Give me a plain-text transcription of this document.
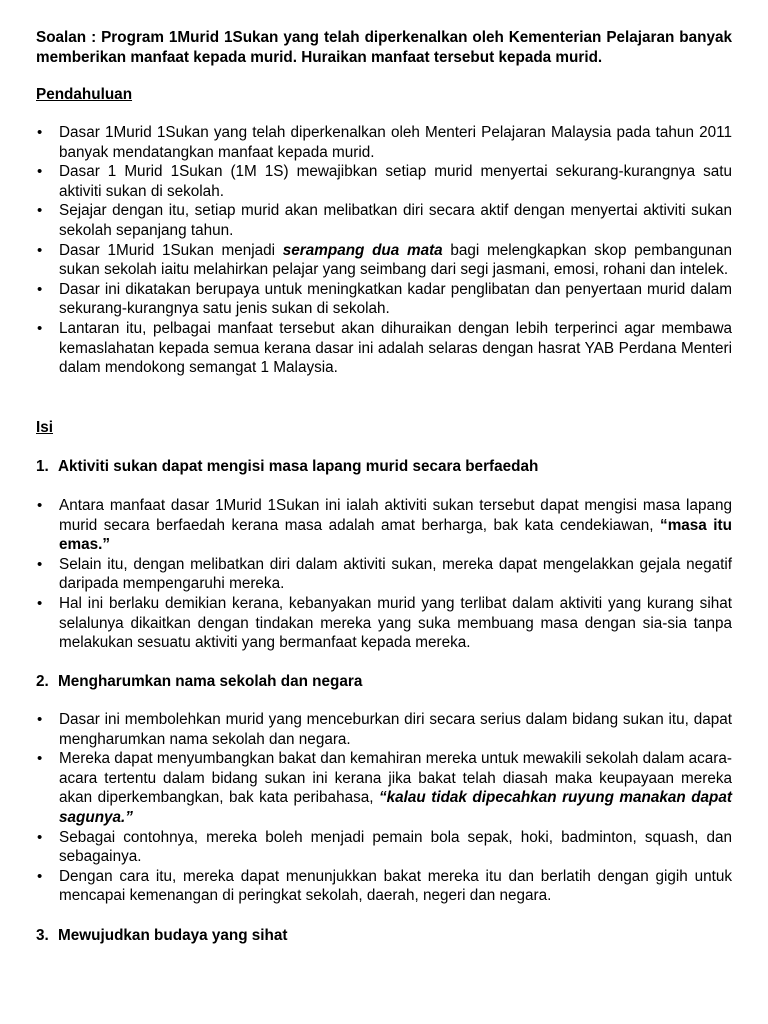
Soalan : Program 1Murid 1Sukan yang telah diperkenalkan oleh Kementerian Pelajaran banyak memberikan manfaat kepada murid. Huraikan manfaat tersebut kepada murid.

Pendahuluan

• Dasar 1Murid 1Sukan yang telah diperkenalkan oleh Menteri Pelajaran Malaysia pada tahun 2011 banyak mendatangkan manfaat kepada murid.
• Dasar 1 Murid 1Sukan (1M 1S) mewajibkan setiap murid menyertai sekurang-kurangnya satu aktiviti sukan di sekolah.
• Sejajar dengan itu, setiap murid akan melibatkan diri secara aktif dengan menyertai aktiviti sukan sekolah sepanjang tahun.
• Dasar 1Murid 1Sukan menjadi serampang dua mata bagi melengkapkan skop pembangunan sukan sekolah iaitu melahirkan pelajar yang seimbang dari segi jasmani, emosi, rohani dan intelek.
• Dasar ini dikatakan berupaya untuk meningkatkan kadar penglibatan dan penyertaan murid dalam sekurang-kurangnya satu jenis sukan di sekolah.
• Lantaran itu, pelbagai manfaat tersebut akan dihuraikan dengan lebih terperinci agar membawa kemaslahatan kepada semua kerana dasar ini adalah selaras dengan hasrat YAB Perdana Menteri dalam mendokong semangat 1 Malaysia.

Isi

1. Aktiviti sukan dapat mengisi masa lapang murid secara berfaedah

• Antara manfaat dasar 1Murid 1Sukan ini ialah aktiviti sukan tersebut dapat mengisi masa lapang murid secara berfaedah kerana masa adalah amat berharga, bak kata cendekiawan, “masa itu emas.”
• Selain itu, dengan melibatkan diri dalam aktiviti sukan, mereka dapat mengelakkan gejala negatif daripada mempengaruhi mereka.
• Hal ini berlaku demikian kerana, kebanyakan murid yang terlibat dalam aktiviti yang kurang sihat selalunya dikaitkan dengan tindakan mereka yang suka membuang masa dengan sia-sia tanpa melakukan sesuatu aktiviti yang bermanfaat kepada mereka.

2. Mengharumkan nama sekolah dan negara

• Dasar ini membolehkan murid yang menceburkan diri secara serius dalam bidang sukan itu, dapat mengharumkan nama sekolah dan negara.
• Mereka dapat menyumbangkan bakat dan kemahiran mereka untuk mewakili sekolah dalam acara-acara tertentu dalam bidang sukan ini kerana jika bakat telah diasah maka keupayaan mereka akan diperkembangkan, bak kata peribahasa, “kalau tidak dipecahkan ruyung manakan dapat sagunya.”
• Sebagai contohnya, mereka boleh menjadi pemain bola sepak, hoki, badminton, squash, dan sebagainya.
• Dengan cara itu, mereka dapat menunjukkan bakat mereka itu dan berlatih dengan gigih untuk mencapai kemenangan di peringkat sekolah, daerah, negeri dan negara.

3. Mewujudkan budaya yang sihat
